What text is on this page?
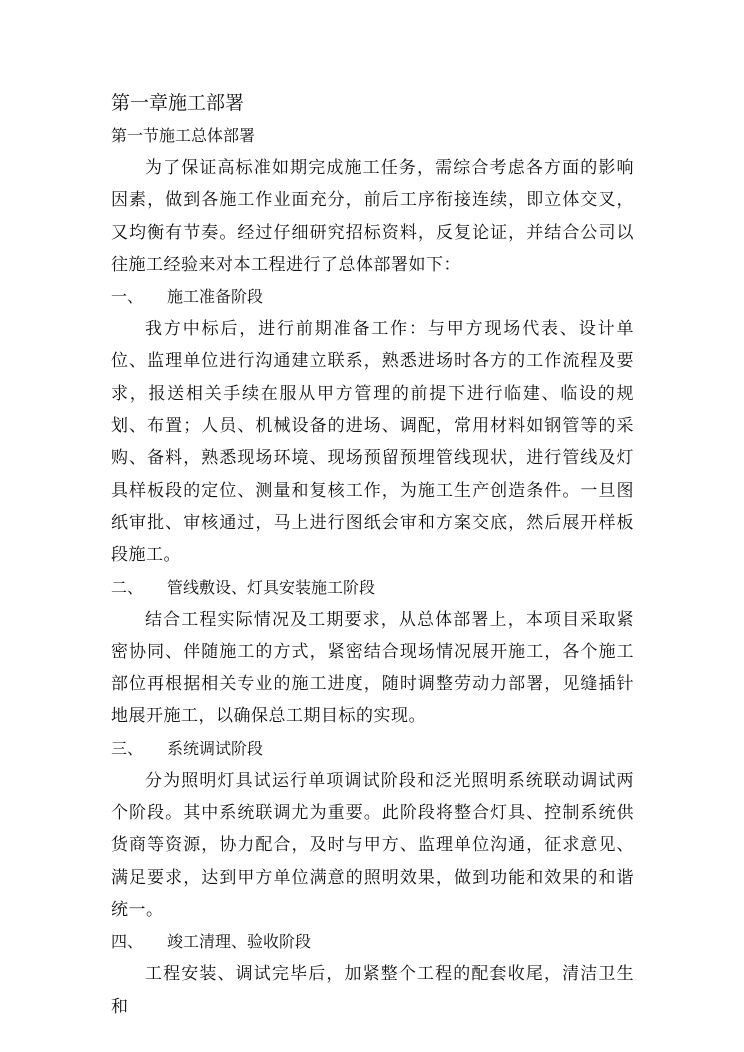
第一章施工部署
第一节施工总体部署

为了保证高标准如期完成施工任务，需综合考虑各方面的影响因素，做到各施工作业面充分，前后工序衔接连续，即立体交叉，又均衡有节奏。经过仔细研究招标资料，反复论证，并结合公司以往施工经验来对本工程进行了总体部署如下：

一、	施工准备阶段

我方中标后，进行前期准备工作：与甲方现场代表、设计单位、监理单位进行沟通建立联系，熟悉进场时各方的工作流程及要求，报送相关手续在服从甲方管理的前提下进行临建、临设的规划、布置；人员、机械设备的进场、调配，常用材料如钢管等的采购、备料，熟悉现场环境、现场预留预埋管线现状，进行管线及灯具样板段的定位、测量和复核工作，为施工生产创造条件。一旦图纸审批、审核通过，马上进行图纸会审和方案交底，然后展开样板段施工。

二、	管线敷设、灯具安装施工阶段

结合工程实际情况及工期要求，从总体部署上，本项目采取紧密协同、伴随施工的方式，紧密结合现场情况展开施工，各个施工部位再根据相关专业的施工进度，随时调整劳动力部署，见缝插针地展开施工，以确保总工期目标的实现。

三、	系统调试阶段

分为照明灯具试运行单项调试阶段和泛光照明系统联动调试两个阶段。其中系统联调尤为重要。此阶段将整合灯具、控制系统供货商等资源，协力配合，及时与甲方、监理单位沟通，征求意见、满足要求，达到甲方单位满意的照明效果，做到功能和效果的和谐统一。

四、	竣工清理、验收阶段

工程安装、调试完毕后，加紧整个工程的配套收尾，清洁卫生和
